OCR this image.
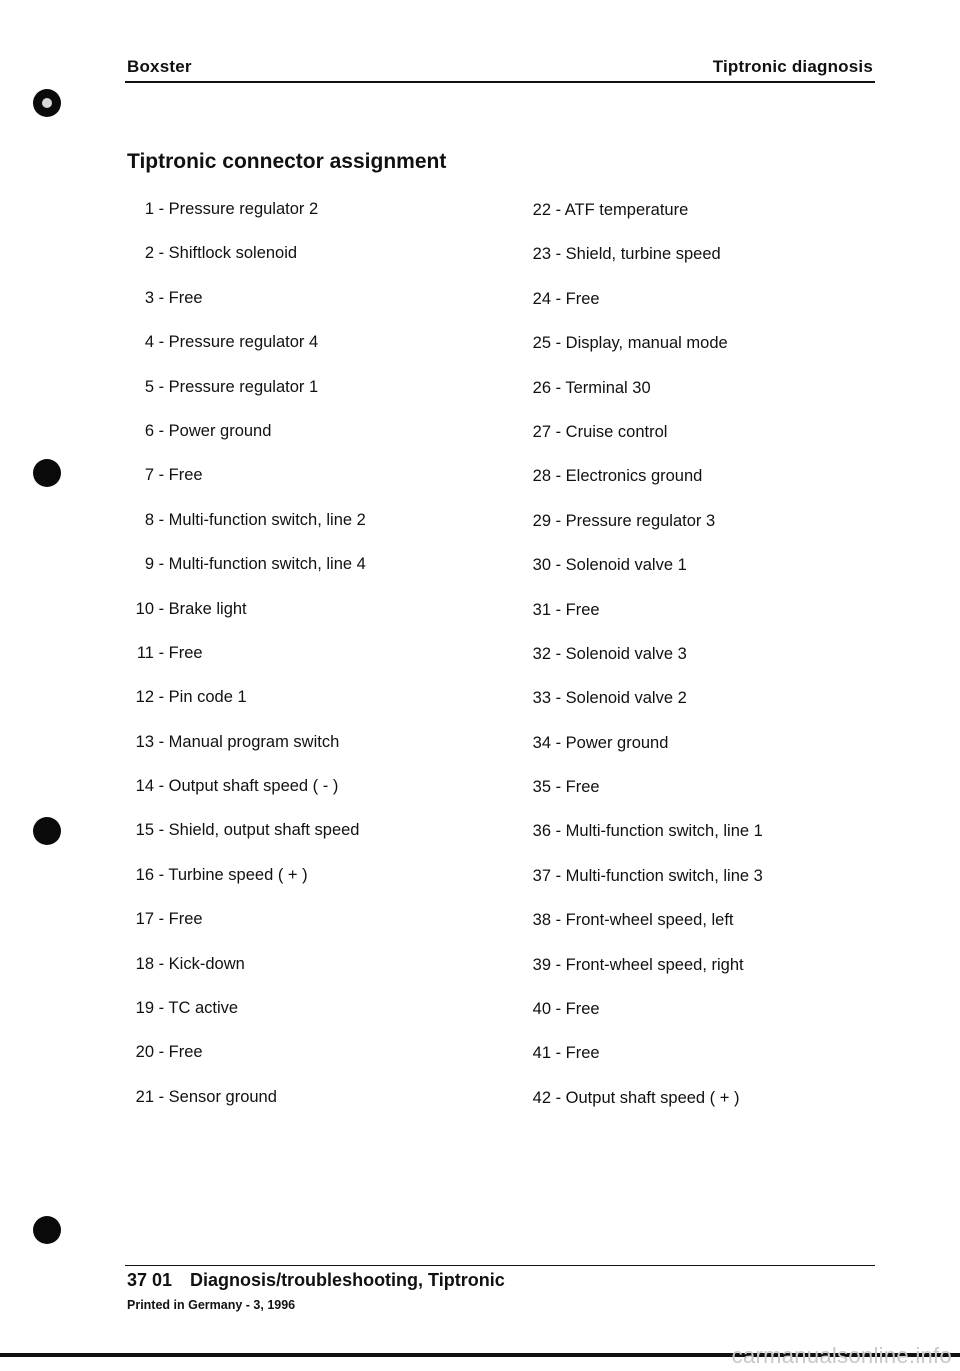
Boxster	Tiptronic diagnosis
Tiptronic connector assignment
1 - Pressure regulator 2
2 - Shiftlock solenoid
3 - Free
4 - Pressure regulator 4
5 - Pressure regulator 1
6 - Power ground
7 - Free
8 - Multi-function switch, line 2
9 - Multi-function switch, line 4
10 - Brake light
11 - Free
12 - Pin code 1
13 - Manual program switch
14 - Output shaft speed ( - )
15 - Shield, output shaft speed
16 - Turbine speed ( + )
17 - Free
18 - Kick-down
19 - TC active
20 - Free
21 - Sensor ground
22 - ATF temperature
23 - Shield, turbine speed
24 - Free
25 - Display, manual mode
26 - Terminal 30
27 - Cruise control
28 - Electronics ground
29 - Pressure regulator 3
30 - Solenoid valve 1
31 - Free
32 - Solenoid valve 3
33 - Solenoid valve 2
34 - Power ground
35 - Free
36 - Multi-function switch, line 1
37 - Multi-function switch, line 3
38 - Front-wheel speed, left
39 - Front-wheel speed, right
40 - Free
41 - Free
42 - Output shaft speed ( + )
37 01 Diagnosis/troubleshooting, Tiptronic
Printed in Germany - 3, 1996
carmanualsonline.info
